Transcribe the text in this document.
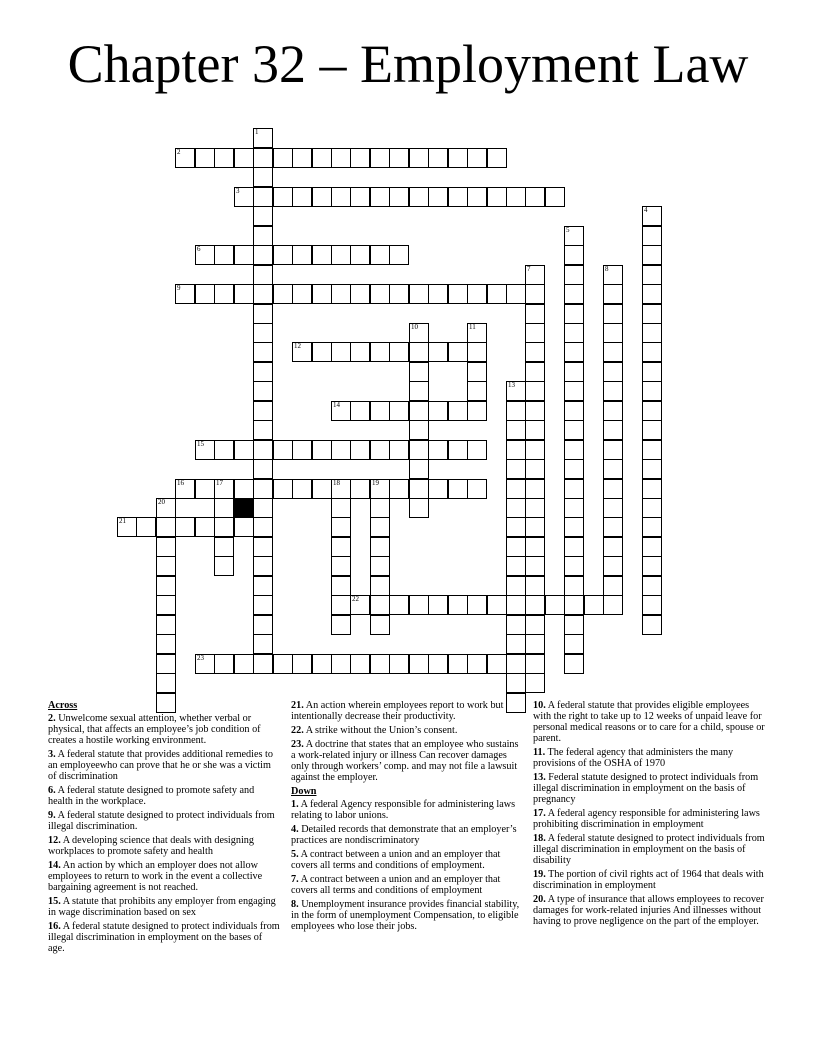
Chapter 32 – Employment Law
1
2
3
4
5
6
7	8
9
10	11
12
13
14
15
16	17	18	19
20
21
22
23
Across
2. Unwelcome sexual attention, whether verbal or physical, that affects an employee’s job condition of creates a hostile working environment.
3. A federal statute that provides additional remedies to an employeewho can prove that he or she was a victim of discrimination
6. A federal statute designed to promote safety and health in the workplace.
9. A federal statute designed to protect individuals from illegal discrimination.
12. A developing science that deals with designing workplaces to promote safety and health
14. An action by which an employer does not allow employees to return to work in the event a collective bargaining agreement is not reached.
15. A statute that prohibits any employer from engaging in wage discrimination based on sex
16. A federal statute designed to protect individuals from illegal discrimination in employment on the bases of age.
21. An action wherein employees report to work but intentionally decrease their productivity.
22. A strike without the Union’s consent.
23. A doctrine that states that an employee who sustains a work-related injury or illness Can recover damages only through workers’ comp. and may not file a lawsuit against the employer.
Down
1. A federal Agency responsible for administering laws relating to labor unions.
4. Detailed records that demonstrate that an employer’s practices are nondiscriminatory
5. A contract between a union and an employer that covers all terms and conditions of employment.
7. A contract between a union and an employer that covers all terms and conditions of employment
8. Unemployment insurance provides financial stability, in the form of unemployment Compensation, to eligible employees who lose their jobs.
10. A federal statute that provides eligible employees with the right to take up to 12 weeks of unpaid leave for personal medical reasons or to care for a child, spouse or parent.
11. The federal agency that administers the many provisions of the OSHA of 1970
13. Federal statute designed to protect individuals from illegal discrimination in employment on the basis of pregnancy
17. A federal agency responsible for administering laws prohibiting discrimination in employment
18. A federal statute designed to protect individuals from illegal discrimination in employment on the basis of disability
19. The portion of civil rights act of 1964 that deals with discrimination in employment
20. A type of insurance that allows employees to recover damages for work-related injuries And illnesses without having to prove negligence on the part of the employer.
